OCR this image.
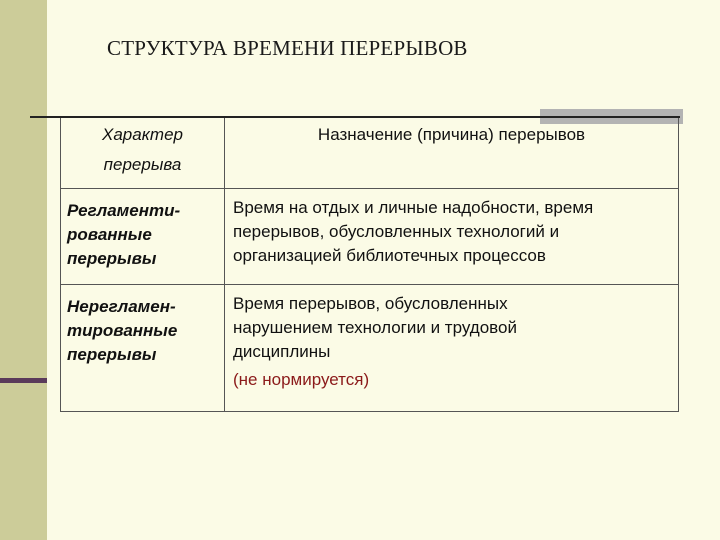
СТРУКТУРА ВРЕМЕНИ ПЕРЕРЫВОВ
Характер
перерыва	Назначение (причина) перерывов

Регламенти-
рованные
перерывы	Время на отдых и личные надобности, время
перерывов, обусловленных технологий и
организацией библиотечных процессов

Нерегламен-
тированные
перерывы	Время перерывов, обусловленных
нарушением технологии и трудовой
дисциплины
(не нормируется)
